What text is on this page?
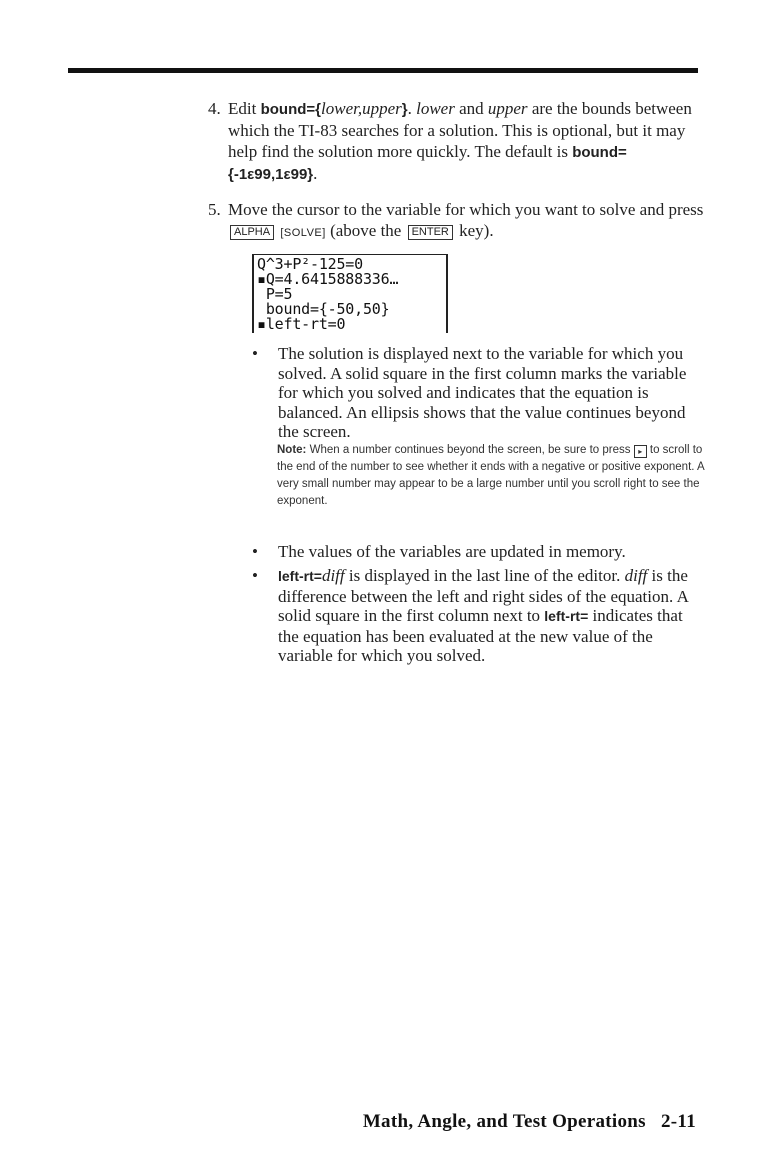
4. Edit bound={lower,upper}. lower and upper are the bounds between which the TI-83 searches for a solution. This is optional, but it may help find the solution more quickly. The default is bound={-1ε99,1ε99}.
5. Move the cursor to the variable for which you want to solve and press ALPHA [SOLVE] (above the ENTER key).
Q^3+P²-125=0
▪Q=4.6415888336…
P=5
bound={-50,50}
▪left-rt=0
• The solution is displayed next to the variable for which you solved. A solid square in the first column marks the variable for which you solved and indicates that the equation is balanced. An ellipsis shows that the value continues beyond the screen.
Note: When a number continues beyond the screen, be sure to press ▸ to scroll to the end of the number to see whether it ends with a negative or positive exponent. A very small number may appear to be a large number until you scroll right to see the exponent.
• The values of the variables are updated in memory.
• left-rt=diff is displayed in the last line of the editor. diff is the difference between the left and right sides of the equation. A solid square in the first column next to left-rt= indicates that the equation has been evaluated at the new value of the variable for which you solved.
Math, Angle, and Test Operations   2-11
